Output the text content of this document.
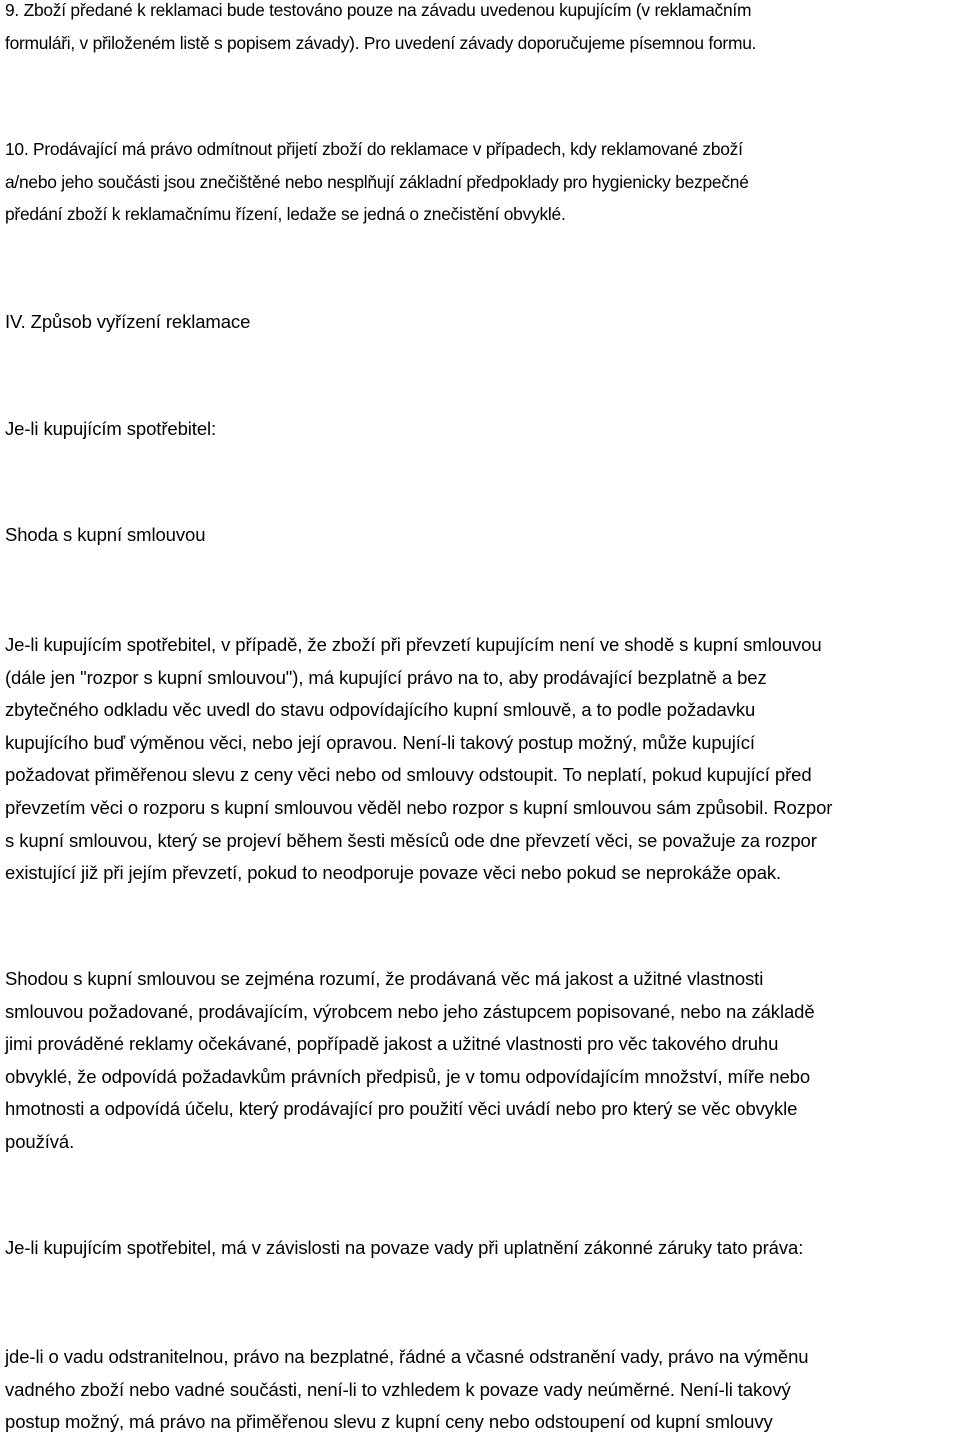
9. Zboží předané k reklamaci bude testováno pouze na závadu uvedenou kupujícím (v reklamačním
formuláři, v přiloženém listě s popisem závady). Pro uvedení závady doporučujeme písemnou formu.

10. Prodávající má právo odmítnout přijetí zboží do reklamace v případech, kdy reklamované zboží
a/nebo jeho součásti jsou znečištěné nebo nesplňují základní předpoklady pro hygienicky bezpečné
předání zboží k reklamačnímu řízení, ledaže se jedná o znečistění obvyklé.

IV. Způsob vyřízení reklamace

Je-li kupujícím spotřebitel:

Shoda s kupní smlouvou

Je-li kupujícím spotřebitel, v případě, že zboží při převzetí kupujícím není ve shodě s kupní smlouvou
(dále jen "rozpor s kupní smlouvou"), má kupující právo na to, aby prodávající bezplatně a bez
zbytečného odkladu věc uvedl do stavu odpovídajícího kupní smlouvě, a to podle požadavku
kupujícího buď výměnou věci, nebo její opravou. Není-li takový postup možný, může kupující
požadovat přiměřenou slevu z ceny věci nebo od smlouvy odstoupit. To neplatí, pokud kupující před
převzetím věci o rozporu s kupní smlouvou věděl nebo rozpor s kupní smlouvou sám způsobil. Rozpor
s kupní smlouvou, který se projeví během šesti měsíců ode dne převzetí věci, se považuje za rozpor
existující již při jejím převzetí, pokud to neodporuje povaze věci nebo pokud se neprokáže opak.

Shodou s kupní smlouvou se zejména rozumí, že prodávaná věc má jakost a užitné vlastnosti
smlouvou požadované, prodávajícím, výrobcem nebo jeho zástupcem popisované, nebo na základě
jimi prováděné reklamy očekávané, popřípadě jakost a užitné vlastnosti pro věc takového druhu
obvyklé, že odpovídá požadavkům právních předpisů, je v tomu odpovídajícím množství, míře nebo
hmotnosti a odpovídá účelu, který prodávající pro použití věci uvádí nebo pro který se věc obvykle
používá.

Je-li kupujícím spotřebitel, má v závislosti na povaze vady při uplatnění zákonné záruky tato práva:

jde-li o vadu odstranitelnou, právo na bezplatné, řádné a včasné odstranění vady, právo na výměnu
vadného zboží nebo vadné součásti, není-li to vzhledem k povaze vady neúměrné. Není-li takový
postup možný, má právo na přiměřenou slevu z kupní ceny nebo odstoupení od kupní smlouvy
